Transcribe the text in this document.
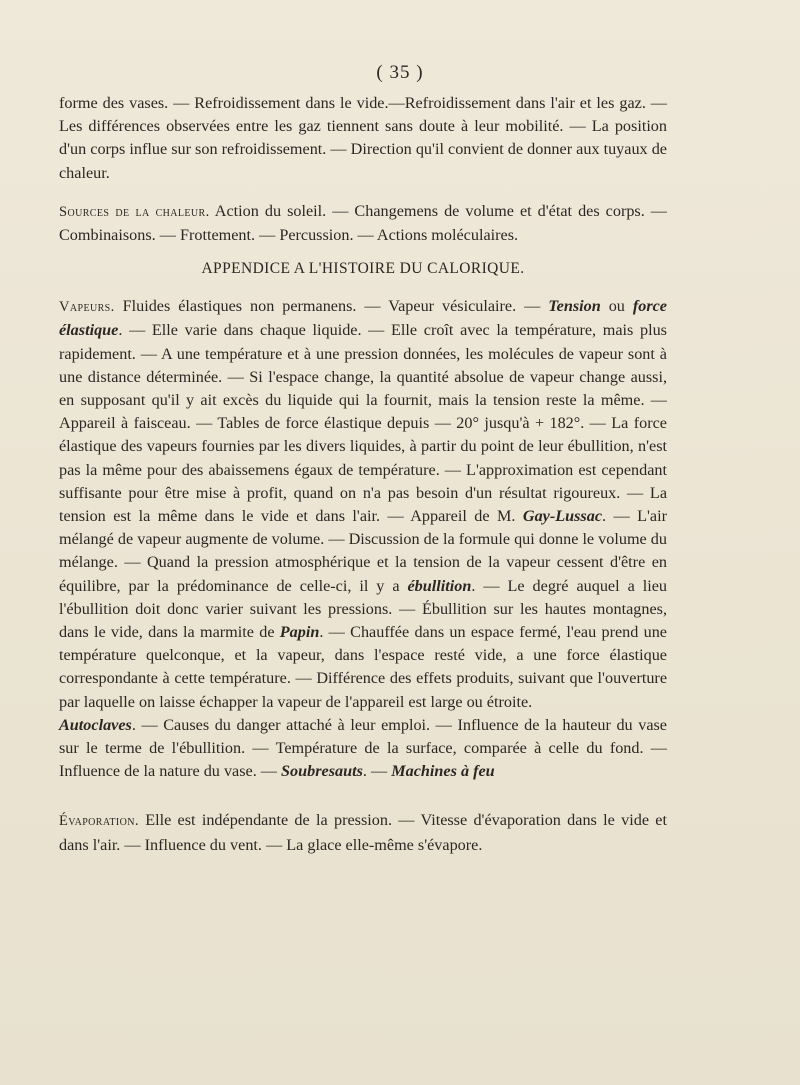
( 35 )

forme des vases. — Refroidissement dans le vide.—Refroidissement dans l'air et les gaz. — Les différences observées entre les gaz tiennent sans doute à leur mobilité. — La position d'un corps influe sur son refroidissement. — Direction qu'il convient de donner aux tuyaux de chaleur.

Sources de la chaleur. Action du soleil. — Changemens de volume et d'état des corps. — Combinaisons. — Frottement. — Percussion. — Actions moléculaires.

APPENDICE A L'HISTOIRE DU CALORIQUE.

Vapeurs. Fluides élastiques non permanens. — Vapeur vésiculaire. — Tension ou force élastique. — Elle varie dans chaque liquide. — Elle croît avec la température, mais plus rapidement. — A une température et à une pression données, les molécules de vapeur sont à une distance déterminée. — Si l'espace change, la quantité absolue de vapeur change aussi, en supposant qu'il y ait excès du liquide qui la fournit, mais la tension reste la même. — Appareil à faisceau. — Tables de force élastique depuis — 20° jusqu'à + 182°. — La force élastique des vapeurs fournies par les divers liquides, à partir du point de leur ébullition, n'est pas la même pour des abaissemens égaux de température. — L'approximation est cependant suffisante pour être mise à profit, quand on n'a pas besoin d'un résultat rigoureux. — La tension est la même dans le vide et dans l'air. — Appareil de M. Gay-Lussac. — L'air mélangé de vapeur augmente de volume. — Discussion de la formule qui donne le volume du mélange. — Quand la pression atmosphérique et la tension de la vapeur cessent d'être en équilibre, par la prédominance de celle-ci, il y a ébullition. — Le degré auquel a lieu l'ébullition doit donc varier suivant les pressions. — Ébullition sur les hautes montagnes, dans le vide, dans la marmite de Papin. — Chauffée dans un espace fermé, l'eau prend une température quelconque, et la vapeur, dans l'espace resté vide, a une force élastique correspondante à cette température. — Différence des effets produits, suivant que l'ouverture par laquelle on laisse échapper la vapeur de l'appareil est large ou étroite.

Autoclaves. — Causes du danger attaché à leur emploi. — Influence de la hauteur du vase sur le terme de l'ébullition. — Température de la surface, comparée à celle du fond. — Influence de la nature du vase. — Soubresauts. — Machines à feu

Évaporation. Elle est indépendante de la pression. — Vitesse d'évaporation dans le vide et dans l'air. — Influence du vent. — La glace elle-même s'évapore.
